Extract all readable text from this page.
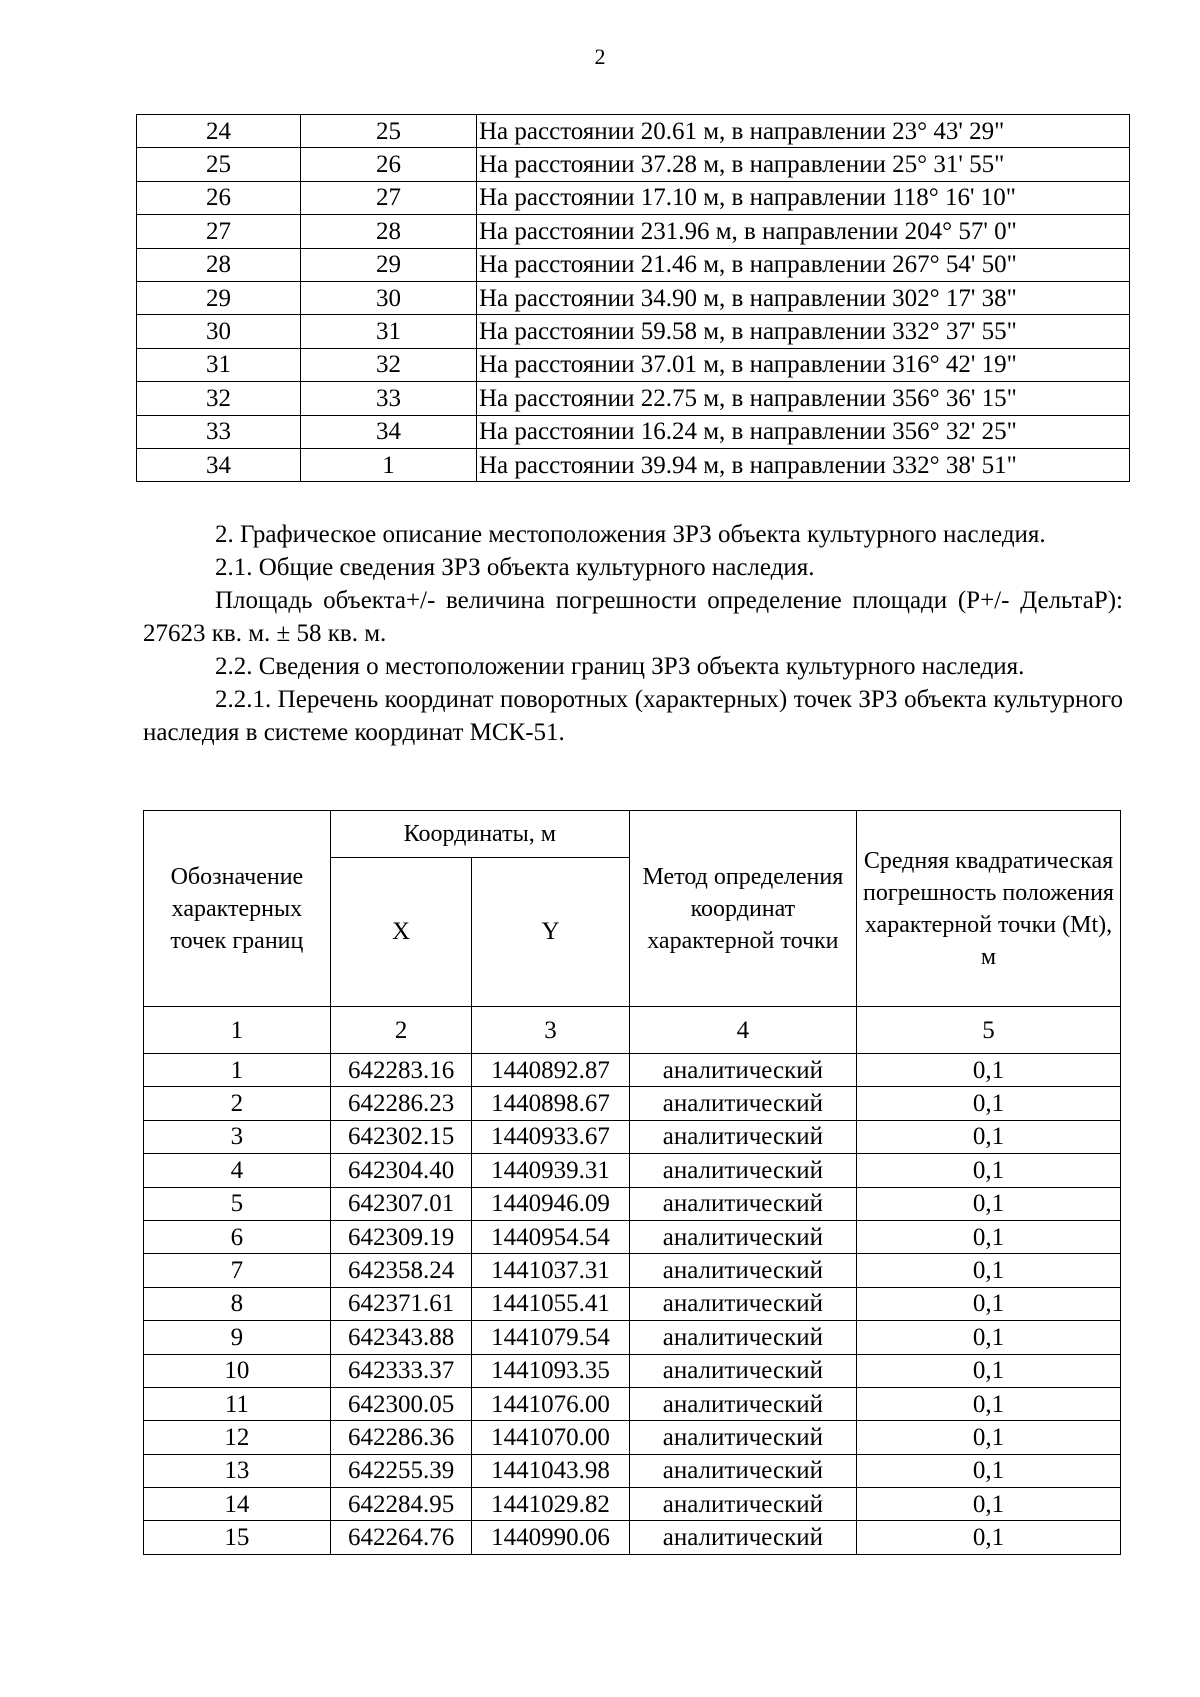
2
24	25	На расстоянии 20.61 м, в направлении 23° 43' 29"
25	26	На расстоянии 37.28 м, в направлении 25° 31' 55"
26	27	На расстоянии 17.10 м, в направлении 118° 16' 10"
27	28	На расстоянии 231.96 м, в направлении 204° 57' 0"
28	29	На расстоянии 21.46 м, в направлении 267° 54' 50"
29	30	На расстоянии 34.90 м, в направлении 302° 17' 38"
30	31	На расстоянии 59.58 м, в направлении 332° 37' 55"
31	32	На расстоянии 37.01 м, в направлении 316° 42' 19"
32	33	На расстоянии 22.75 м, в направлении 356° 36' 15"
33	34	На расстоянии 16.24 м, в направлении 356° 32' 25"
34	1	На расстоянии 39.94 м, в направлении 332° 38' 51"

2. Графическое описание местоположения ЗРЗ объекта культурного наследия.

2.1. Общие сведения ЗРЗ объекта культурного наследия.

Площадь объекта+/- величина погрешности определение площади (Р+/- ДельтаР): 27623 кв. м. ± 58 кв. м.

2.2. Сведения о местоположении границ ЗРЗ объекта культурного наследия.

2.2.1. Перечень координат поворотных (характерных) точек ЗРЗ объекта культурного наследия в системе координат МСК-51.

Обозначение характерных точек границ	Координаты, м		Метод определения координат характерной точки	Средняя квадратическая погрешность положения характерной точки (Mt), м
	X	Y		
1	2	3	4	5
1	642283.16	1440892.87	аналитический	0,1
2	642286.23	1440898.67	аналитический	0,1
3	642302.15	1440933.67	аналитический	0,1
4	642304.40	1440939.31	аналитический	0,1
5	642307.01	1440946.09	аналитический	0,1
6	642309.19	1440954.54	аналитический	0,1
7	642358.24	1441037.31	аналитический	0,1
8	642371.61	1441055.41	аналитический	0,1
9	642343.88	1441079.54	аналитический	0,1
10	642333.37	1441093.35	аналитический	0,1
11	642300.05	1441076.00	аналитический	0,1
12	642286.36	1441070.00	аналитический	0,1
13	642255.39	1441043.98	аналитический	0,1
14	642284.95	1441029.82	аналитический	0,1
15	642264.76	1440990.06	аналитический	0,1
